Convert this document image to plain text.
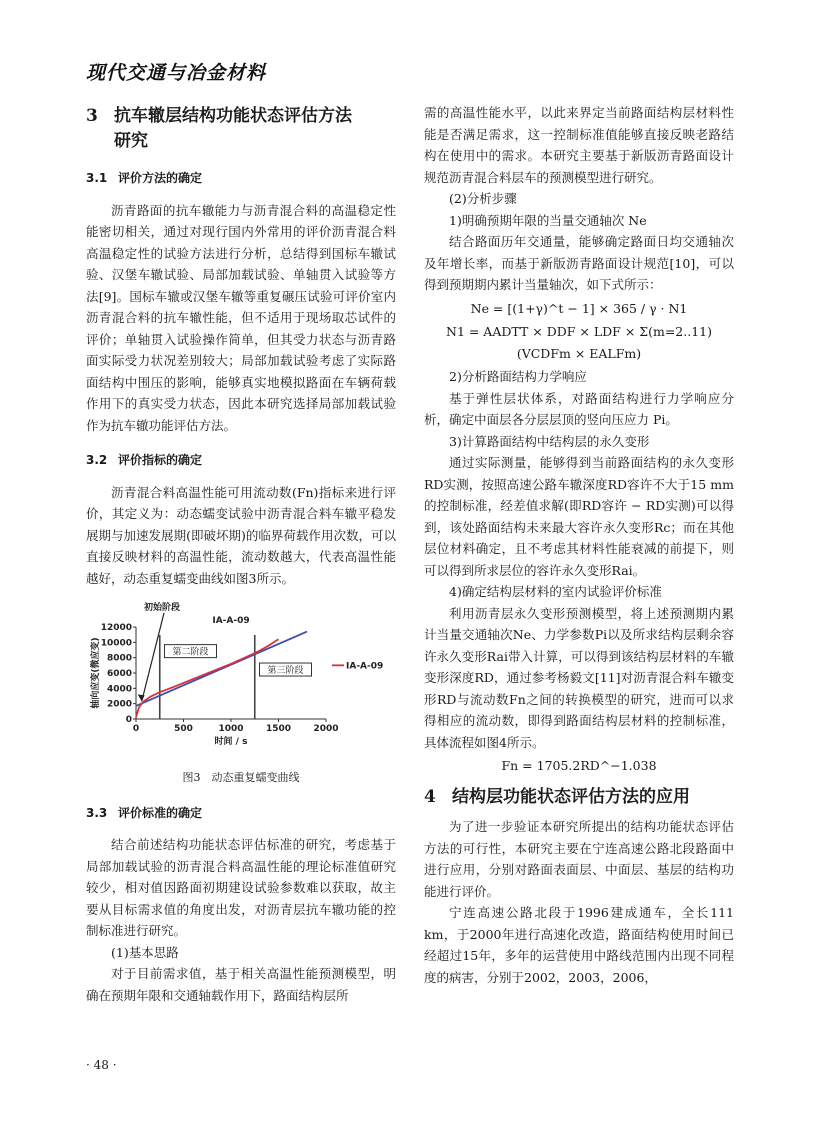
现代交通与冶金材料
3 抗车辙层结构功能状态评估方法
研究
3.1 评价方法的确定

沥青路面的抗车辙能力与沥青混合料的高温稳定性能密切相关，通过对现行国内外常用的评价沥青混合料高温稳定性的试验方法进行分析，总结得到国标车辙试验、汉堡车辙试验、局部加载试验、单轴贯入试验等方法[9]。国标车辙或汉堡车辙等重复碾压试验可评价室内沥青混合料的抗车辙性能，但不适用于现场取芯试件的评价；单轴贯入试验操作简单，但其受力状态与沥青路面实际受力状况差别较大；局部加载试验考虑了实际路面结构中围压的影响，能够真实地模拟路面在车辆荷载作用下的真实受力状态，因此本研究选择局部加载试验作为抗车辙功能评估方法。

3.2 评价指标的确定

沥青混合料高温性能可用流动数(Fn)指标来进行评价，其定义为：动态蠕变试验中沥青混合料车辙平稳发展期与加速发展期(即破坏期)的临界荷载作用次数，可以直接反映材料的高温性能，流动数越大，代表高温性能越好，动态重复蠕变曲线如图3所示。

0	500	1000 1500 2000
0
2000
4000
6000
8000
10000
12000
IA-A-09
第二阶段
第三阶段
初始阶段
时间 / s
轴向应变(微应变)	IA-A-09
图3　动态重复蠕变曲线
3.3 评价标准的确定

结合前述结构功能状态评估标准的研究，考虑基于局部加载试验的沥青混合料高温性能的理论标准值研究较少，相对值因路面初期建设试验参数难以获取，故主要从目标需求值的角度出发，对沥青层抗车辙功能的控制标准进行研究。

(1)基本思路

对于目前需求值，基于相关高温性能预测模型，明确在预期年限和交通轴载作用下，路面结构层所

需的高温性能水平，以此来界定当前路面结构层材料性能是否满足需求，这一控制标准值能够直接反映老路结构在使用中的需求。本研究主要基于新版沥青路面设计规范沥青混合料层车的预测模型进行研究。

(2)分析步骤

1)明确预期年限的当量交通轴次 Ne

结合路面历年交通量，能够确定路面日均交通轴次及年增长率，而基于新版沥青路面设计规范[10]，可以得到预期期内累计当量轴次，如下式所示：

Ne = [(1+γ)^t − 1] × 365 / γ · N1
N1 = AADTT × DDF × LDF × Σ(m=2..11)(VCDFm × EALFm)

2)分析路面结构力学响应

基于弹性层状体系，对路面结构进行力学响应分析，确定中面层各分层层顶的竖向压应力 Pi。

3)计算路面结构中结构层的永久变形

通过实际测量，能够得到当前路面结构的永久变形RD实测，按照高速公路车辙深度RD容许不大于15 mm的控制标准，经差值求解(即RD容许 − RD实测)可以得到，该处路面结构未来最大容许永久变形Rc；而在其他层位材料确定，且不考虑其材料性能衰减的前提下，则可以得到所求层位的容许永久变形Rai。

4)确定结构层材料的室内试验评价标准

利用沥青层永久变形预测模型，将上述预测期内累计当量交通轴次Ne、力学参数Pi以及所求结构层剩余容许永久变形Rai带入计算，可以得到该结构层材料的车辙变形深度RD，通过参考杨毅文[11]对沥青混合料车辙变形RD与流动数Fn之间的转换模型的研究，进而可以求得相应的流动数，即得到路面结构层材料的控制标准，具体流程如图4所示。

Fn = 1705.2RD^−1.038
4 结构层功能状态评估方法的应用

为了进一步验证本研究所提出的结构功能状态评估方法的可行性，本研究主要在宁连高速公路北段路面中进行应用，分别对路面表面层、中面层、基层的结构功能进行评价。

宁连高速公路北段于1996建成通车，全长111 km，于2000年进行高速化改造，路面结构使用时间已经超过15年，多年的运营使用中路线范围内出现不同程度的病害，分别于2002，2003，2006，

· 48 ·
